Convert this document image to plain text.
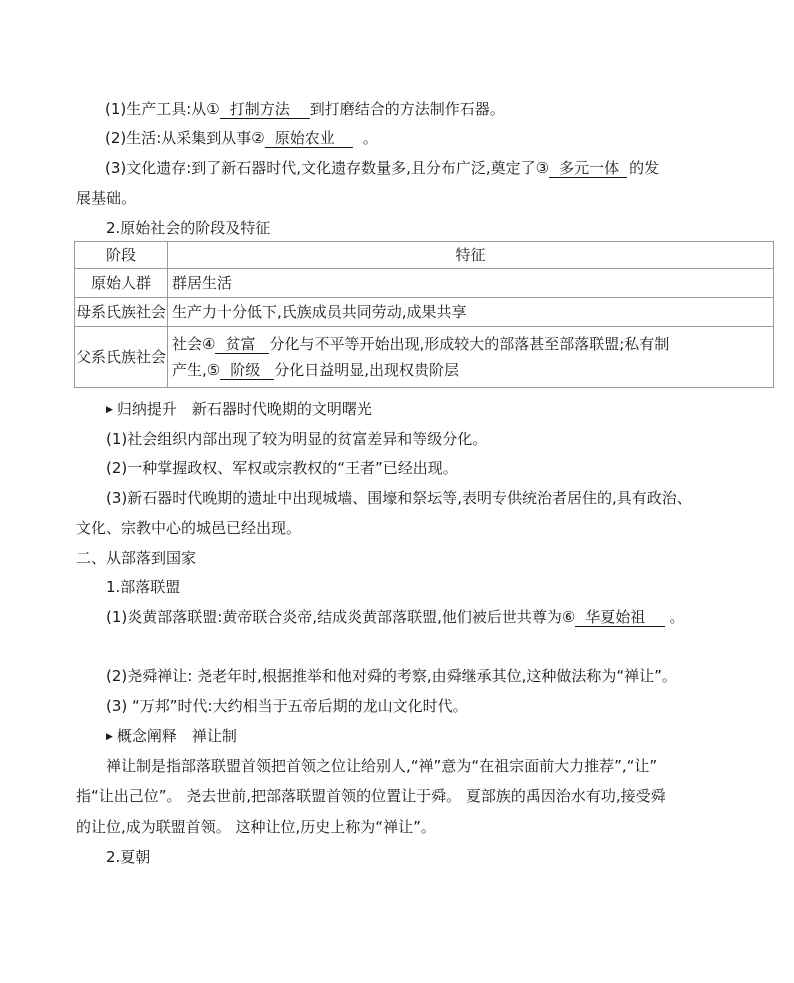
(1)生产工具:从① 打制方法 到打磨结合的方法制作石器。
(2)生活:从采集到从事② 原始农业 。
(3)文化遗存:到了新石器时代,文化遗存数量多,且分布广泛,奠定了③ 多元一体 的发
展基础。
2.原始社会的阶段及特征
阶段	特征
原始人群	群居生活
母系氏族社会	生产力十分低下,氏族成员共同劳动,成果共享
父系氏族社会	社会④ 贫富 分化与不平等开始出现,形成较大的部落甚至部落联盟;私有制
产生,⑤ 阶级 分化日益明显,出现权贵阶层
▶ 归纳提升　新石器时代晚期的文明曙光
(1)社会组织内部出现了较为明显的贫富差异和等级分化。
(2)一种掌握政权、军权或宗教权的“王者”已经出现。
(3)新石器时代晚期的遗址中出现城墙、围壕和祭坛等,表明专供统治者居住的,具有政治、
文化、宗教中心的城邑已经出现。
二、从部落到国家
1.部落联盟
(1)炎黄部落联盟:黄帝联合炎帝,结成炎黄部落联盟,他们被后世共尊为⑥ 华夏始祖 。
(2)尧舜禅让: 尧老年时,根据推举和他对舜的考察,由舜继承其位,这种做法称为“禅让”。
(3) “万邦”时代:大约相当于五帝后期的龙山文化时代。
▶ 概念阐释　禅让制
禅让制是指部落联盟首领把首领之位让给别人,“禅”意为“在祖宗面前大力推荐”,“让”
指“让出己位”。 尧去世前,把部落联盟首领的位置让于舜。 夏部族的禹因治水有功,接受舜
的让位,成为联盟首领。 这种让位,历史上称为“禅让”。
2.夏朝
